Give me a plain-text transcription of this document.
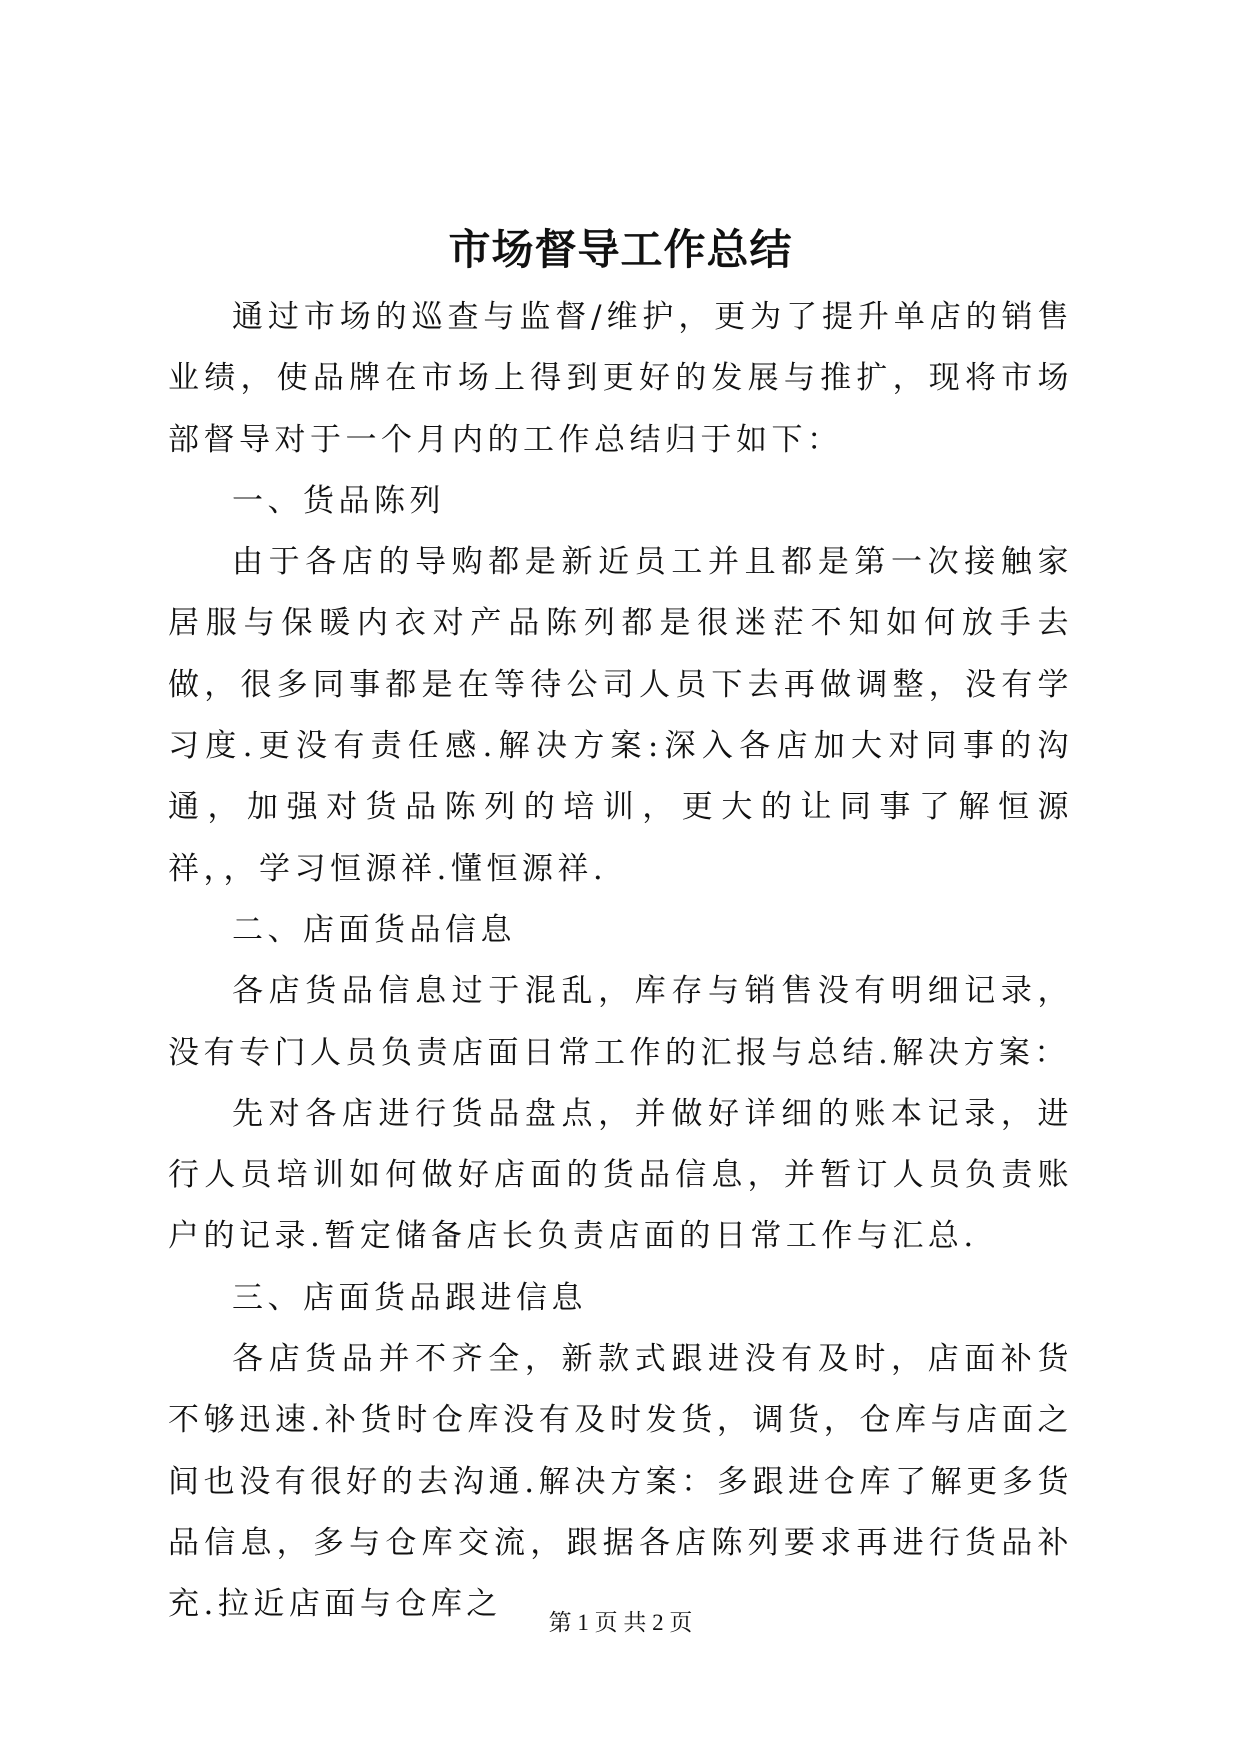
市场督导工作总结

通过市场的巡查与监督/维护，更为了提升单店的销售业绩，使品牌在市场上得到更好的发展与推扩，现将市场部督导对于一个月内的工作总结归于如下：

一、货品陈列

由于各店的导购都是新近员工并且都是第一次接触家居服与保暖内衣对产品陈列都是很迷茫不知如何放手去做，很多同事都是在等待公司人员下去再做调整，没有学习度.更没有责任感.解决方案:深入各店加大对同事的沟通，加强对货品陈列的培训，更大的让同事了解恒源祥，，学习恒源祥.懂恒源祥.

二、店面货品信息

各店货品信息过于混乱，库存与销售没有明细记录，没有专门人员负责店面日常工作的汇报与总结.解决方案：

先对各店进行货品盘点，并做好详细的账本记录，进行人员培训如何做好店面的货品信息，并暂订人员负责账户的记录.暂定储备店长负责店面的日常工作与汇总.

三、店面货品跟进信息

各店货品并不齐全，新款式跟进没有及时，店面补货不够迅速.补货时仓库没有及时发货，调货，仓库与店面之间也没有很好的去沟通.解决方案：多跟进仓库了解更多货品信息，多与仓库交流，跟据各店陈列要求再进行货品补充.拉近店面与仓库之

第 1 页 共 2 页
